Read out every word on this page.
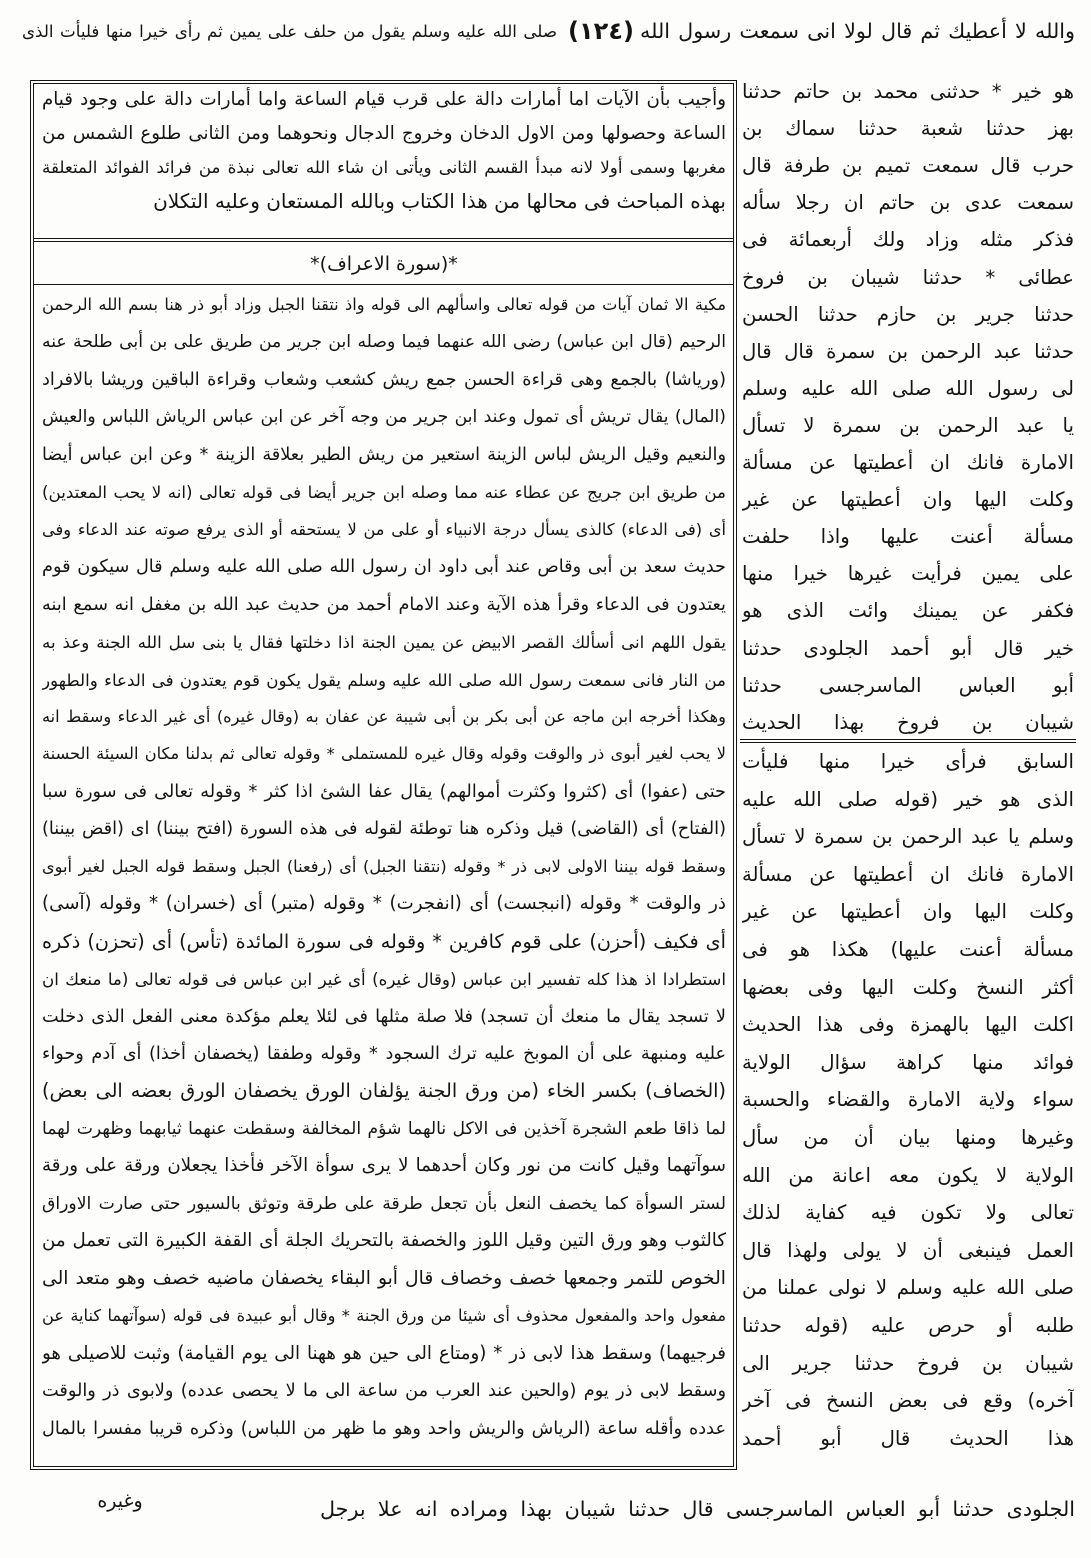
والله لا أعطيك ثم قال لولا انى سمعت رسول الله
(١٢٤)
صلى الله عليه وسلم يقول من حلف على يمين ثم رأى خيرا منها فليأت الذى
وأجيب بأن الآيات اما أمارات دالة على قرب قيام الساعة واما أمارات دالة على وجود قيام
الساعة وحصولها ومن الاول الدخان وخروج الدجال ونحوهما ومن الثانى طلوع الشمس من
مغربها وسمى أولا لانه مبدأ القسم الثانى ويأتى ان شاء الله تعالى نبذة من فرائد الفوائد المتعلقة
بهذه المباحث فى محالها من هذا الكتاب وبالله المستعان وعليه التكلان
*(سورة الاعراف)*
مكية الا ثمان آيات من قوله تعالى واسألهم الى قوله واذ نتقنا الجبل وزاد أبو ذر هنا بسم الله الرحمن
الرحيم (قال ابن عباس) رضى الله عنهما فيما وصله ابن جرير من طريق على بن أبى طلحة عنه
(ورياشا) بالجمع وهى قراءة الحسن جمع ريش كشعب وشعاب وقراءة الباقين وريشا بالافراد
(المال) يقال تريش أى تمول وعند ابن جرير من وجه آخر عن ابن عباس الرياش اللباس والعيش
والنعيم وقيل الريش لباس الزينة استعير من ريش الطير بعلاقة الزينة * وعن ابن عباس أيضا
من طريق ابن جريج عن عطاء عنه مما وصله ابن جرير أيضا فى قوله تعالى (انه لا يحب المعتدين)
أى (فى الدعاء) كالذى يسأل درجة الانبياء أو على من لا يستحقه أو الذى يرفع صوته عند الدعاء وفى
حديث سعد بن أبى وقاص عند أبى داود ان رسول الله صلى الله عليه وسلم قال سيكون قوم
يعتدون فى الدعاء وقرأ هذه الآية وعند الامام أحمد من حديث عبد الله بن مغفل انه سمع ابنه
يقول اللهم انى أسألك القصر الابيض عن يمين الجنة اذا دخلتها فقال يا بنى سل الله الجنة وعذ به
من النار فانى سمعت رسول الله صلى الله عليه وسلم يقول يكون قوم يعتدون فى الدعاء والطهور
وهكذا أخرجه ابن ماجه عن أبى بكر بن أبى شيبة عن عفان به (وقال غيره) أى غير الدعاء وسقط انه
لا يحب لغير أبوى ذر والوقت وقوله وقال غيره للمستملى * وقوله تعالى ثم بدلنا مكان السيئة الحسنة
حتى (عفوا) أى (كثروا وكثرت أموالهم) يقال عفا الشئ اذا كثر * وقوله تعالى فى سورة سبا
(الفتاح) أى (القاضى) قيل وذكره هنا توطئة لقوله فى هذه السورة (افتح بيننا) اى (اقض بيننا)
وسقط قوله بيننا الاولى لابى ذر * وقوله (نتقنا الجبل) أى (رفعنا) الجبل وسقط قوله الجبل لغير أبوى
ذر والوقت * وقوله (انبجست) أى (انفجرت) * وقوله (متبر) أى (خسران) * وقوله (آسى)
أى فكيف (أحزن) على قوم كافرين * وقوله فى سورة المائدة (تأس) أى (تحزن) ذكره
استطرادا اذ هذا كله تفسير ابن عباس (وقال غيره) أى غير ابن عباس فى قوله تعالى (ما منعك ان
لا تسجد يقال ما منعك أن تسجد) فلا صلة مثلها فى لئلا يعلم مؤكدة معنى الفعل الذى دخلت
عليه ومنبهة على أن الموبخ عليه ترك السجود * وقوله وطفقا (يخصفان أخذا) أى آدم وحواء
(الخصاف) بكسر الخاء (من ورق الجنة يؤلفان الورق يخصفان الورق بعضه الى بعض)
لما ذاقا طعم الشجرة آخذين فى الاكل نالهما شؤم المخالفة وسقطت عنهما ثيابهما وظهرت لهما
سوآتهما وقيل كانت من نور وكان أحدهما لا يرى سوأة الآخر فأخذا يجعلان ورقة على ورقة
لستر السوأة كما يخصف النعل بأن تجعل طرقة على طرقة وتوثق بالسيور حتى صارت الاوراق
كالثوب وهو ورق التين وقيل اللوز والخصفة بالتحريك الجلة أى القفة الكبيرة التى تعمل من
الخوص للتمر وجمعها خصف وخصاف قال أبو البقاء يخصفان ماضيه خصف وهو متعد الى
مفعول واحد والمفعول محذوف أى شيئا من ورق الجنة * وقال أبو عبيدة فى قوله (سوآتهما كناية عن
فرجيهما) وسقط هذا لابى ذر * (ومتاع الى حين هو ههنا الى يوم القيامة) وثبت للاصيلى هو
وسقط لابى ذر يوم (والحين عند العرب من ساعة الى ما لا يحصى عدده) ولابوى ذر والوقت
عدده وأقله ساعة (الرياش والريش واحد وهو ما ظهر من اللباس) وذكره قريبا مفسرا بالمال
هو خير * حدثنى محمد بن حاتم حدثنا
بهز حدثنا شعبة حدثنا سماك بن
حرب قال سمعت تميم بن طرفة قال
سمعت عدى بن حاتم ان رجلا سأله
فذكر مثله وزاد ولك أربعمائة فى
عطائى * حدثنا شيبان بن فروخ
حدثنا جرير بن حازم حدثنا الحسن
حدثنا عبد الرحمن بن سمرة قال قال
لى رسول الله صلى الله عليه وسلم
يا عبد الرحمن بن سمرة لا تسأل
الامارة فانك ان أعطيتها عن مسألة
وكلت اليها وان أعطيتها عن غير
مسألة أعنت عليها واذا حلفت
على يمين فرأيت غيرها خيرا منها
فكفر عن يمينك وائت الذى هو
خير قال أبو أحمد الجلودى حدثنا
أبو العباس الماسرجسى حدثنا
شيبان بن فروخ بهذا الحديث
السابق فرأى خيرا منها فليأت
الذى هو خير (قوله صلى الله عليه
وسلم يا عبد الرحمن بن سمرة لا تسأل
الامارة فانك ان أعطيتها عن مسألة
وكلت اليها وان أعطيتها عن غير
مسألة أعنت عليها) هكذا هو فى
أكثر النسخ وكلت اليها وفى بعضها
اكلت اليها بالهمزة وفى هذا الحديث
فوائد منها كراهة سؤال الولاية
سواء ولاية الامارة والقضاء والحسبة
وغيرها ومنها بيان أن من سأل
الولاية لا يكون معه اعانة من الله
تعالى ولا تكون فيه كفاية لذلك
العمل فينبغى أن لا يولى ولهذا قال
صلى الله عليه وسلم لا نولى عملنا من
طلبه أو حرص عليه (قوله حدثنا
شيبان بن فروخ حدثنا جرير الى
آخره) وقع فى بعض النسخ فى آخر
هذا الحديث قال أبو أحمد
الجلودى حدثنا أبو العباس الماسرجسى قال حدثنا شيبان بهذا ومراده انه علا برجل
وغيره
